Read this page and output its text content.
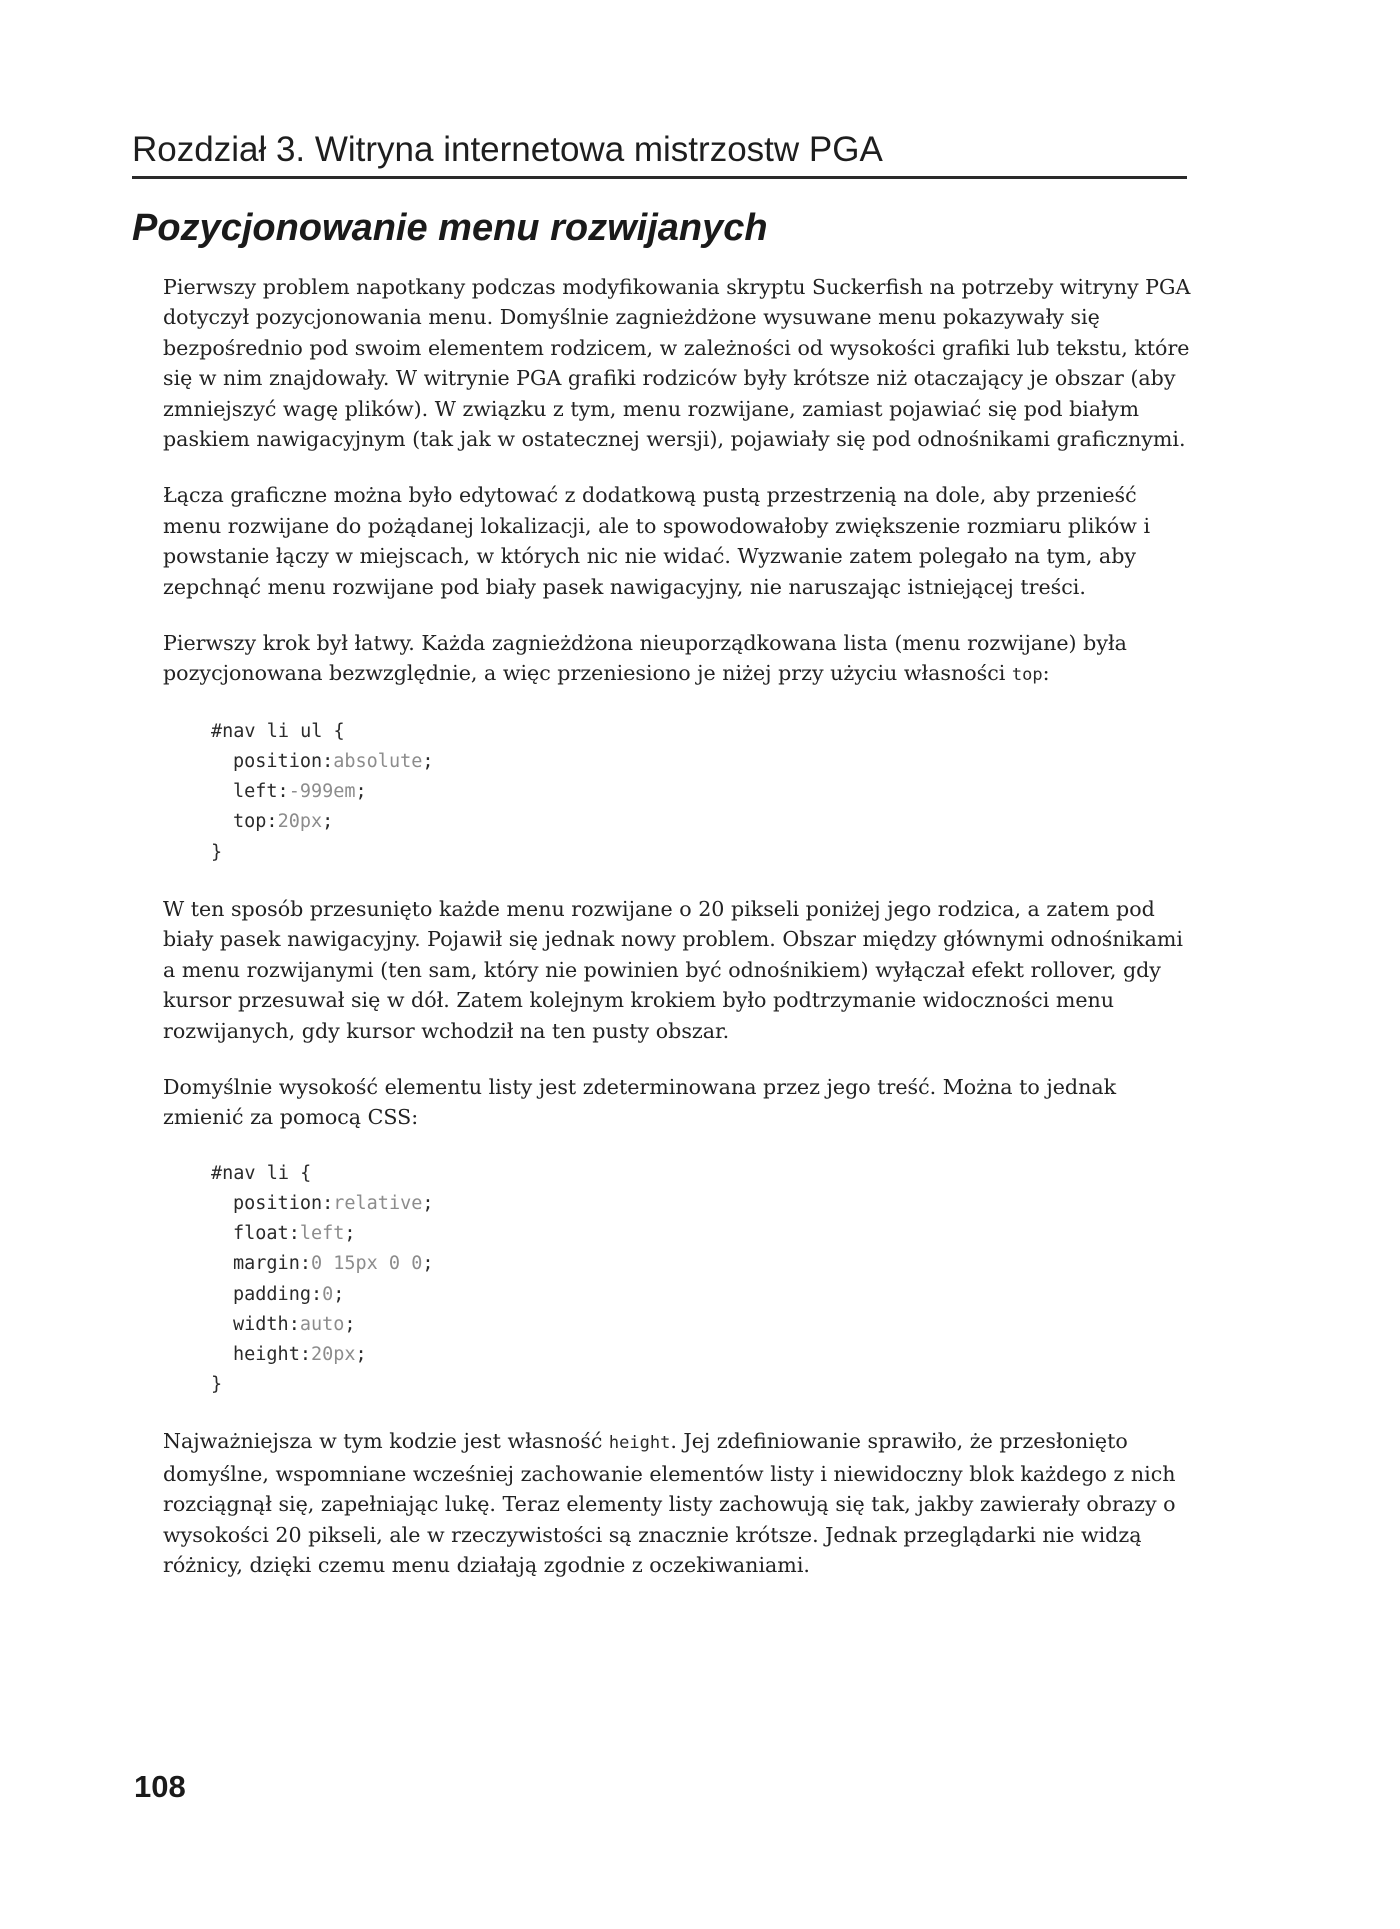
Rozdział 3. Witryna internetowa mistrzostw PGA
Pozycjonowanie menu rozwijanych

Pierwszy problem napotkany podczas modyfikowania skryptu Suckerfish na potrzeby witryny PGA dotyczył pozycjonowania menu. Domyślnie zagnieżdżone wysuwane menu pokazywały się bezpośrednio pod swoim elementem rodzicem, w zależności od wysokości grafiki lub tekstu, które się w nim znajdowały. W witrynie PGA grafiki rodziców były krótsze niż otaczający je obszar (aby zmniejszyć wagę plików). W związku z tym, menu rozwijane, zamiast pojawiać się pod białym paskiem nawigacyjnym (tak jak w ostatecznej wersji), pojawiały się pod odnośnikami graficznymi.

Łącza graficzne można było edytować z dodatkową pustą przestrzenią na dole, aby przenieść menu rozwijane do pożądanej lokalizacji, ale to spowodowałoby zwiększenie rozmiaru plików i powstanie łączy w miejscach, w których nic nie widać. Wyzwanie zatem polegało na tym, aby zepchnąć menu rozwijane pod biały pasek nawigacyjny, nie naruszając istniejącej treści.

Pierwszy krok był łatwy. Każda zagnieżdżona nieuporządkowana lista (menu rozwijane) była pozycjonowana bezwzględnie, a więc przeniesiono je niżej przy użyciu własności top:

#nav li ul {
position:absolute;
left:-999em;
top:20px;
}

W ten sposób przesunięto każde menu rozwijane o 20 pikseli poniżej jego rodzica, a zatem pod biały pasek nawigacyjny. Pojawił się jednak nowy problem. Obszar między głównymi odnośnikami a menu rozwijanymi (ten sam, który nie powinien być odnośnikiem) wyłączał efekt rollover, gdy kursor przesuwał się w dół. Zatem kolejnym krokiem było podtrzymanie widoczności menu rozwijanych, gdy kursor wchodził na ten pusty obszar.

Domyślnie wysokość elementu listy jest zdeterminowana przez jego treść. Można to jednak zmienić za pomocą CSS:

#nav li {
position:relative;
float:left;
margin:0 15px 0 0;
padding:0;
width:auto;
height:20px;
}

Najważniejsza w tym kodzie jest własność height. Jej zdefiniowanie sprawiło, że przesłonięto domyślne, wspomniane wcześniej zachowanie elementów listy i niewidoczny blok każdego z nich rozciągnął się, zapełniając lukę. Teraz elementy listy zachowują się tak, jakby zawierały obrazy o wysokości 20 pikseli, ale w rzeczywistości są znacznie krótsze. Jednak przeglądarki nie widzą różnicy, dzięki czemu menu działają zgodnie z oczekiwaniami.

108
